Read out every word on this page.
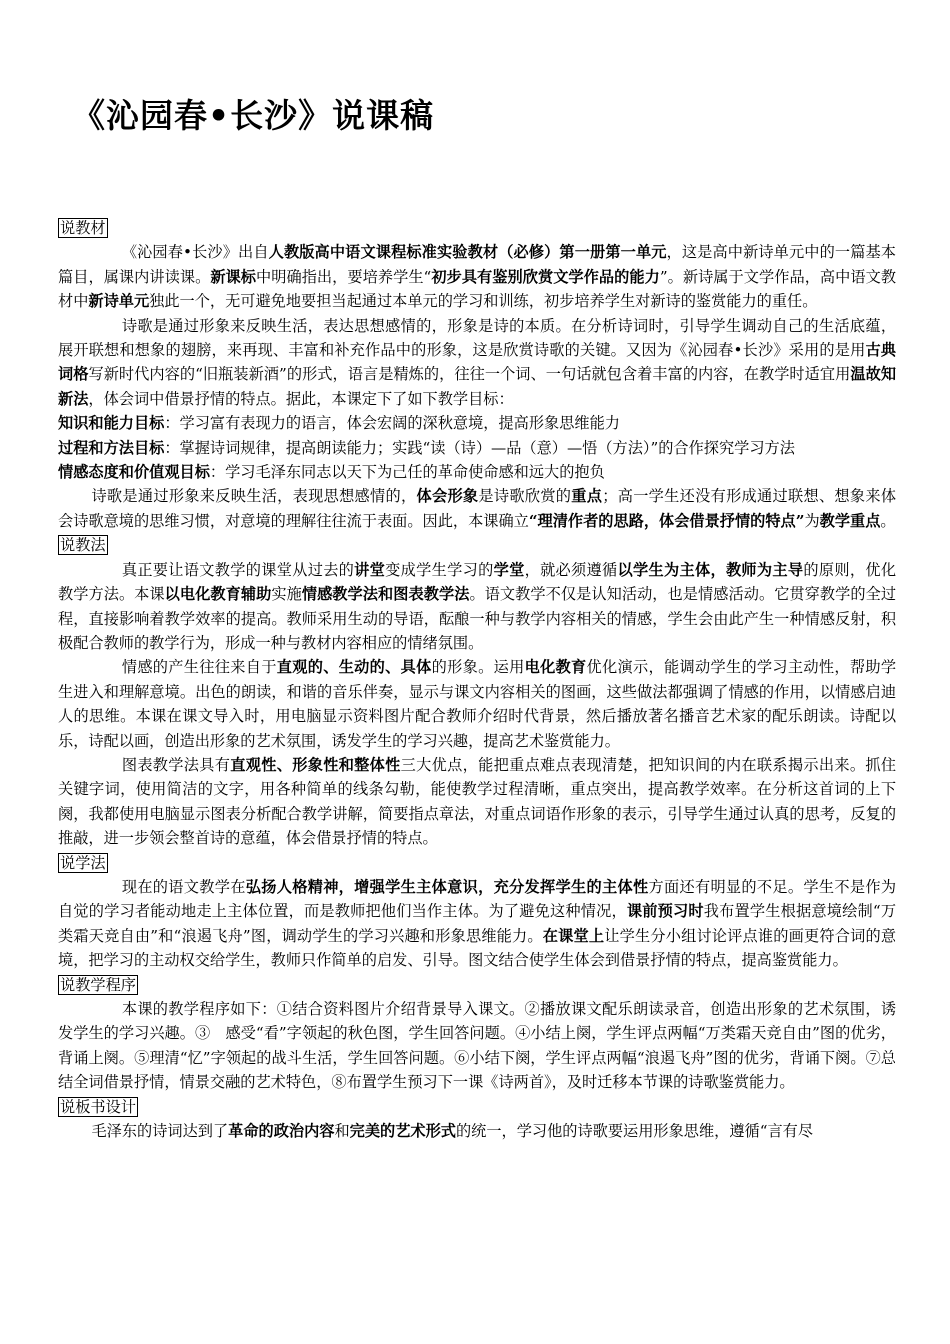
《沁园春•长沙》说课稿
说教材

《沁园春•长沙》出自人教版高中语文课程标准实验教材（必修）第一册第一单元，这是高中新诗单元中的一篇基本篇目，属课内讲读课。新课标中明确指出，要培养学生“初步具有鉴别欣赏文学作品的能力”。新诗属于文学作品，高中语文教材中新诗单元独此一个，无可避免地要担当起通过本单元的学习和训练，初步培养学生对新诗的鉴赏能力的重任。

诗歌是通过形象来反映生活，表达思想感情的，形象是诗的本质。在分析诗词时，引导学生调动自己的生活底蕴，展开联想和想象的翅膀，来再现、丰富和补充作品中的形象，这是欣赏诗歌的关键。又因为《沁园春•长沙》采用的是用古典词格写新时代内容的“旧瓶装新酒”的形式，语言是精炼的，往往一个词、一句话就包含着丰富的内容，在教学时适宜用温故知新法，体会词中借景抒情的特点。据此，本课定下了如下教学目标：

知识和能力目标：学习富有表现力的语言，体会宏阔的深秋意境，提高形象思维能力

过程和方法目标：掌握诗词规律，提高朗读能力；实践“读（诗）—品（意）—悟（方法）”的合作探究学习方法

情感态度和价值观目标：学习毛泽东同志以天下为己任的革命使命感和远大的抱负

诗歌是通过形象来反映生活，表现思想感情的，体会形象是诗歌欣赏的重点；高一学生还没有形成通过联想、想象来体会诗歌意境的思维习惯，对意境的理解往往流于表面。因此，本课确立“理清作者的思路，体会借景抒情的特点”为教学重点。

说教法

真正要让语文教学的课堂从过去的讲堂变成学生学习的学堂，就必须遵循以学生为主体，教师为主导的原则，优化教学方法。本课以电化教育辅助实施情感教学法和图表教学法。语文教学不仅是认知活动，也是情感活动。它贯穿教学的全过程，直接影响着教学效率的提高。教师采用生动的导语，酝酿一种与教学内容相关的情感，学生会由此产生一种情感反射，积极配合教师的教学行为，形成一种与教材内容相应的情绪氛围。

情感的产生往往来自于直观的、生动的、具体的形象。运用电化教育优化演示，能调动学生的学习主动性，帮助学生进入和理解意境。出色的朗读，和谐的音乐伴奏，显示与课文内容相关的图画，这些做法都强调了情感的作用，以情感启迪人的思维。本课在课文导入时，用电脑显示资料图片配合教师介绍时代背景，然后播放著名播音艺术家的配乐朗读。诗配以乐，诗配以画，创造出形象的艺术氛围，诱发学生的学习兴趣，提高艺术鉴赏能力。

图表教学法具有直观性、形象性和整体性三大优点，能把重点难点表现清楚，把知识间的内在联系揭示出来。抓住关键字词，使用简洁的文字，用各种简单的线条勾勒，能使教学过程清晰，重点突出，提高教学效率。在分析这首词的上下阕，我都使用电脑显示图表分析配合教学讲解，简要指点章法，对重点词语作形象的表示，引导学生通过认真的思考，反复的推敲，进一步领会整首诗的意蕴，体会借景抒情的特点。

说学法

现在的语文教学在弘扬人格精神，增强学生主体意识，充分发挥学生的主体性方面还有明显的不足。学生不是作为自觉的学习者能动地走上主体位置，而是教师把他们当作主体。为了避免这种情况，课前预习时我布置学生根据意境绘制“万类霜天竞自由”和“浪遏飞舟”图，调动学生的学习兴趣和形象思维能力。在课堂上让学生分小组讨论评点谁的画更符合词的意境，把学习的主动权交给学生，教师只作简单的启发、引导。图文结合使学生体会到借景抒情的特点，提高鉴赏能力。

说教学程序

本课的教学程序如下：①结合资料图片介绍背景导入课文。②播放课文配乐朗读录音，创造出形象的艺术氛围，诱发学生的学习兴趣。③　感受“看”字领起的秋色图，学生回答问题。④小结上阕，学生评点两幅“万类霜天竞自由”图的优劣，背诵上阕。⑤理清“忆”字领起的战斗生活，学生回答问题。⑥小结下阕，学生评点两幅“浪遏飞舟”图的优劣，背诵下阕。⑦总结全词借景抒情，情景交融的艺术特色，⑧布置学生预习下一课《诗两首》，及时迁移本节课的诗歌鉴赏能力。

说板书设计

毛泽东的诗词达到了革命的政治内容和完美的艺术形式的统一，学习他的诗歌要运用形象思维，遵循“言有尽
